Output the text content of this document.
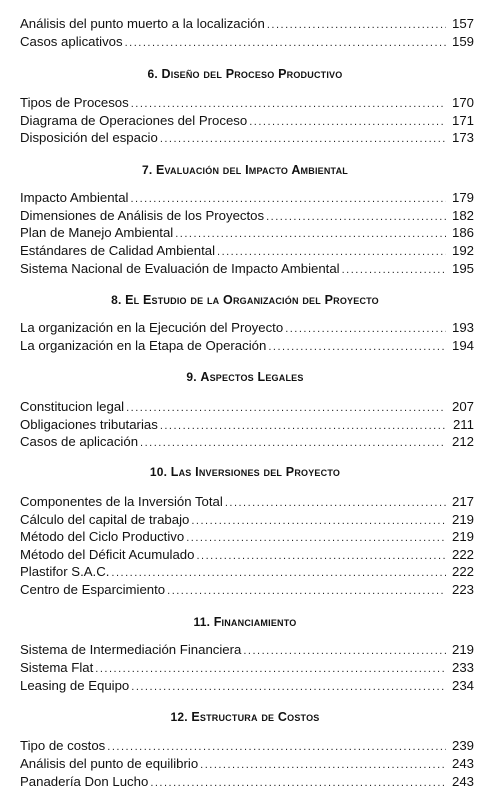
Análisis del punto muerto a la localización .....	157
Casos aplicativos .....	159
6. Diseño del Proceso Productivo
Tipos de Procesos .....	170
Diagrama de Operaciones del Proceso .....	171
Disposición del espacio .....	173
7. Evaluación del Impacto Ambiental
Impacto Ambiental .....	179
Dimensiones de Análisis de los Proyectos .....	182
Plan de Manejo Ambiental .....	186
Estándares de Calidad Ambiental .....	192
Sistema Nacional de Evaluación de Impacto Ambiental .....	195
8. El Estudio de la Organización del Proyecto
La organización en la Ejecución del Proyecto .....	193
La organización en la Etapa de Operación .....	194
9. Aspectos Legales
Constitucion legal .....	207
Obligaciones tributarias .....	211
Casos de aplicación .....	212
10. Las Inversiones del Proyecto
Componentes de la Inversión Total .....	217
Cálculo del capital de trabajo .....	219
Método del Ciclo Productivo .....	219
Método del Déficit Acumulado .....	222
Plastifor S.A.C. .....	222
Centro de Esparcimiento .....	223
11. Financiamiento
Sistema de Intermediación Financiera .....	219
Sistema Flat .....	233
Leasing de Equipo .....	234
12. Estructura de Costos
Tipo de costos .....	239
Análisis del punto de equilibrio .....	243
Panadería Don Lucho .....	243
